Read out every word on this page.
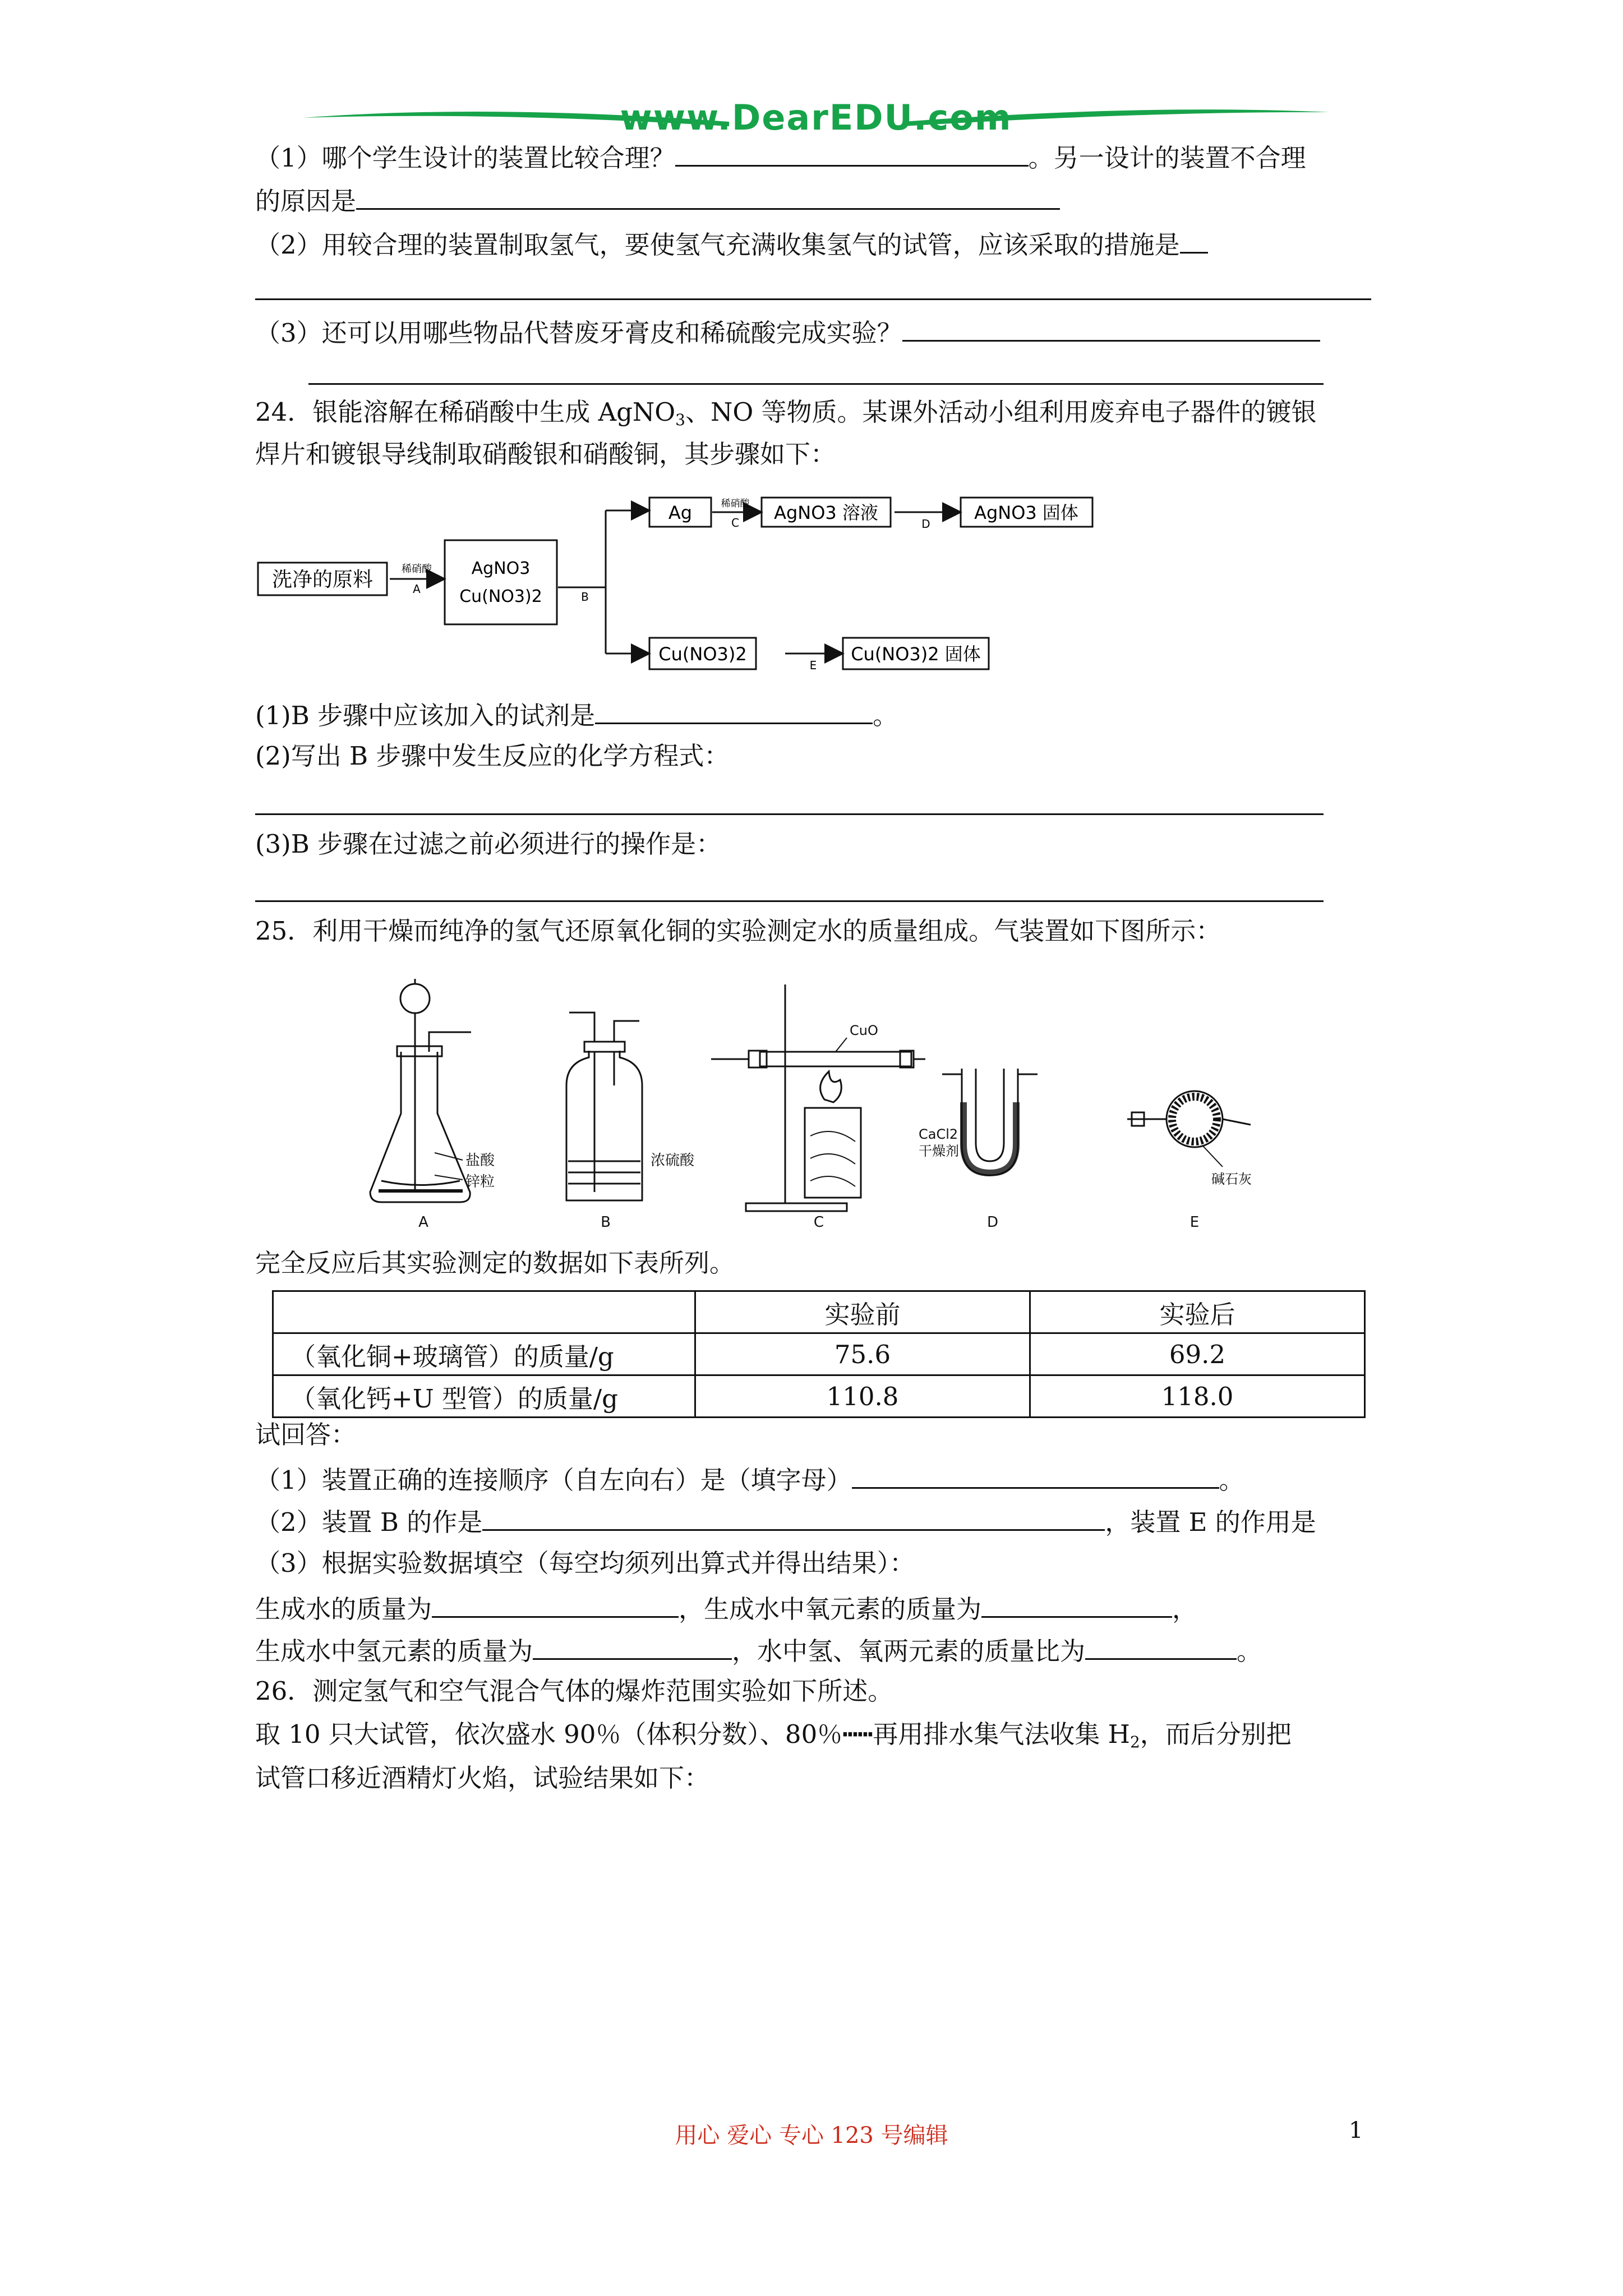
www.DearEDU.com
（1）哪个学生设计的装置比较合理？	。另一设计的装置不合理
的原因是
（2）用较合理的装置制取氢气，要使氢气充满收集氢气的试管，应该采取的措施是
（3）还可以用哪些物品代替废牙膏皮和稀硫酸完成实验？
24．银能溶解在稀硝酸中生成 AgNO$_3$、NO 等物质。某课外活动小组利用废弃电子器件的镀银
焊片和镀银导线制取硝酸银和硝酸铜，其步骤如下：
洗净的原料	稀硝酸
A
AgNO3
Cu(NO3)2	B
Ag	稀硝酸
C AgNO3 溶液
D
AgNO3 固体
Cu(NO3)2
E
Cu(NO3)2 固体
(1)B 步骤中应该加入的试剂是	。
(2)写出 B 步骤中发生反应的化学方程式：
(3)B 步骤在过滤之前必须进行的操作是：
25．利用干燥而纯净的氢气还原氧化铜的实验测定水的质量组成。气装置如下图所示：
盐酸
锌粒
A
浓硫酸
B
CuO
C
CaCl2
干燥剂
D
碱石灰
E
完全反应后其实验测定的数据如下表所列。
	实验前	实验后
（氧化铜+玻璃管）的质量/g	75.6	69.2
（氧化钙+U 型管）的质量/g	110.8	118.0
试回答：
（1）装置正确的连接顺序（自左向右）是（填字母）	。
（2）装置 B 的作是	，装置 E 的作用是
（3）根据实验数据填空（每空均须列出算式并得出结果）：
生成水的质量为	，生成水中氧元素的质量为	，
生成水中氢元素的质量为	，水中氢、氧两元素的质量比为	。
26．测定氢气和空气混合气体的爆炸范围实验如下所述。
取 10 只大试管，依次盛水 90％（体积分数）、80％┅┅再用排水集气法收集 $H_2$，而后分别把
试管口移近酒精灯火焰，试验结果如下：
用心 爱心 专心 123 号编辑	1
